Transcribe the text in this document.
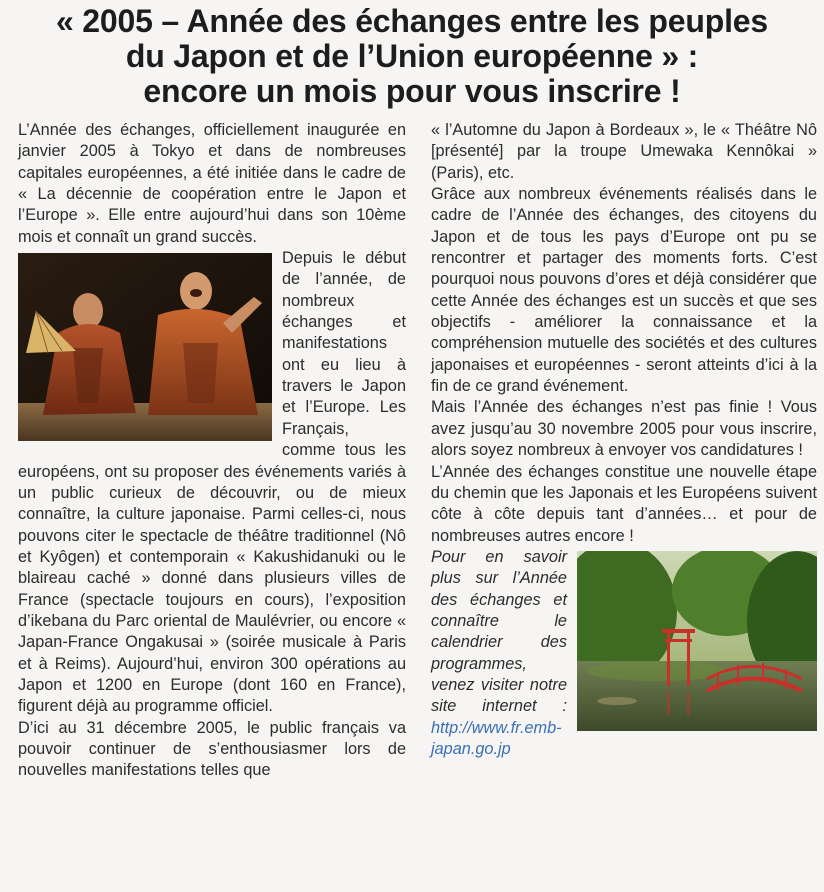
« 2005 – Année des échanges entre les peuples
du Japon et de l’Union européenne » :
encore un mois pour vous inscrire !

L’Année des échanges, officiellement inaugurée en janvier 2005 à Tokyo et dans de nombreuses capitales européennes, a été initiée dans le cadre de « La décennie de coopération entre le Japon et l’Europe ». Elle entre aujourd’hui dans son 10ème mois et connaît un grand succès.

Depuis le début de l’année, de nombreux échanges et manifestations ont eu lieu à travers le Japon et l’Europe. Les Français, comme tous les européens, ont su proposer des événements variés à un public curieux de découvrir, ou de mieux connaître, la culture japonaise. Parmi celles-ci, nous pouvons citer le spectacle de théâtre traditionnel (Nô et Kyôgen) et contemporain « Kakushidanuki ou le blaireau caché » donné dans plusieurs villes de France (spectacle toujours en cours), l’exposition d’ikebana du Parc oriental de Maulévrier, ou encore « Japan-France Ongakusai » (soirée musicale à Paris et à Reims). Aujourd’hui, environ 300 opérations au Japon et 1200 en Europe (dont 160 en France), figurent déjà au programme officiel.

D’ici au 31 décembre 2005, le public français va pouvoir continuer de s’enthousiasmer lors de nouvelles manifestations telles que

« l’Automne du Japon à Bordeaux », le « Théâtre Nô [présenté] par la troupe Umewaka Kennôkai » (Paris), etc.

Grâce aux nombreux événements réalisés dans le cadre de l’Année des échanges, des citoyens du Japon et de tous les pays d’Europe ont pu se rencontrer et partager des moments forts. C’est pourquoi nous pouvons d’ores et déjà considérer que cette Année des échanges est un succès et que ses objectifs - améliorer la connaissance et la compréhension mutuelle des sociétés et des cultures japonaises et européennes - seront atteints d’ici à la fin de ce grand événement.

Mais l’Année des échanges n’est pas finie ! Vous avez jusqu’au 30 novembre 2005 pour vous inscrire, alors soyez nombreux à envoyer vos candidatures !

L’Année des échanges constitue une nouvelle étape du chemin que les Japonais et les Européens suivent côte à côte depuis tant d’années… et pour de nombreuses autres encore !

Pour en savoir plus sur l’Année des échanges et connaître le calendrier des programmes, venez visiter notre site internet : http://www.fr.emb-japan.go.jp
